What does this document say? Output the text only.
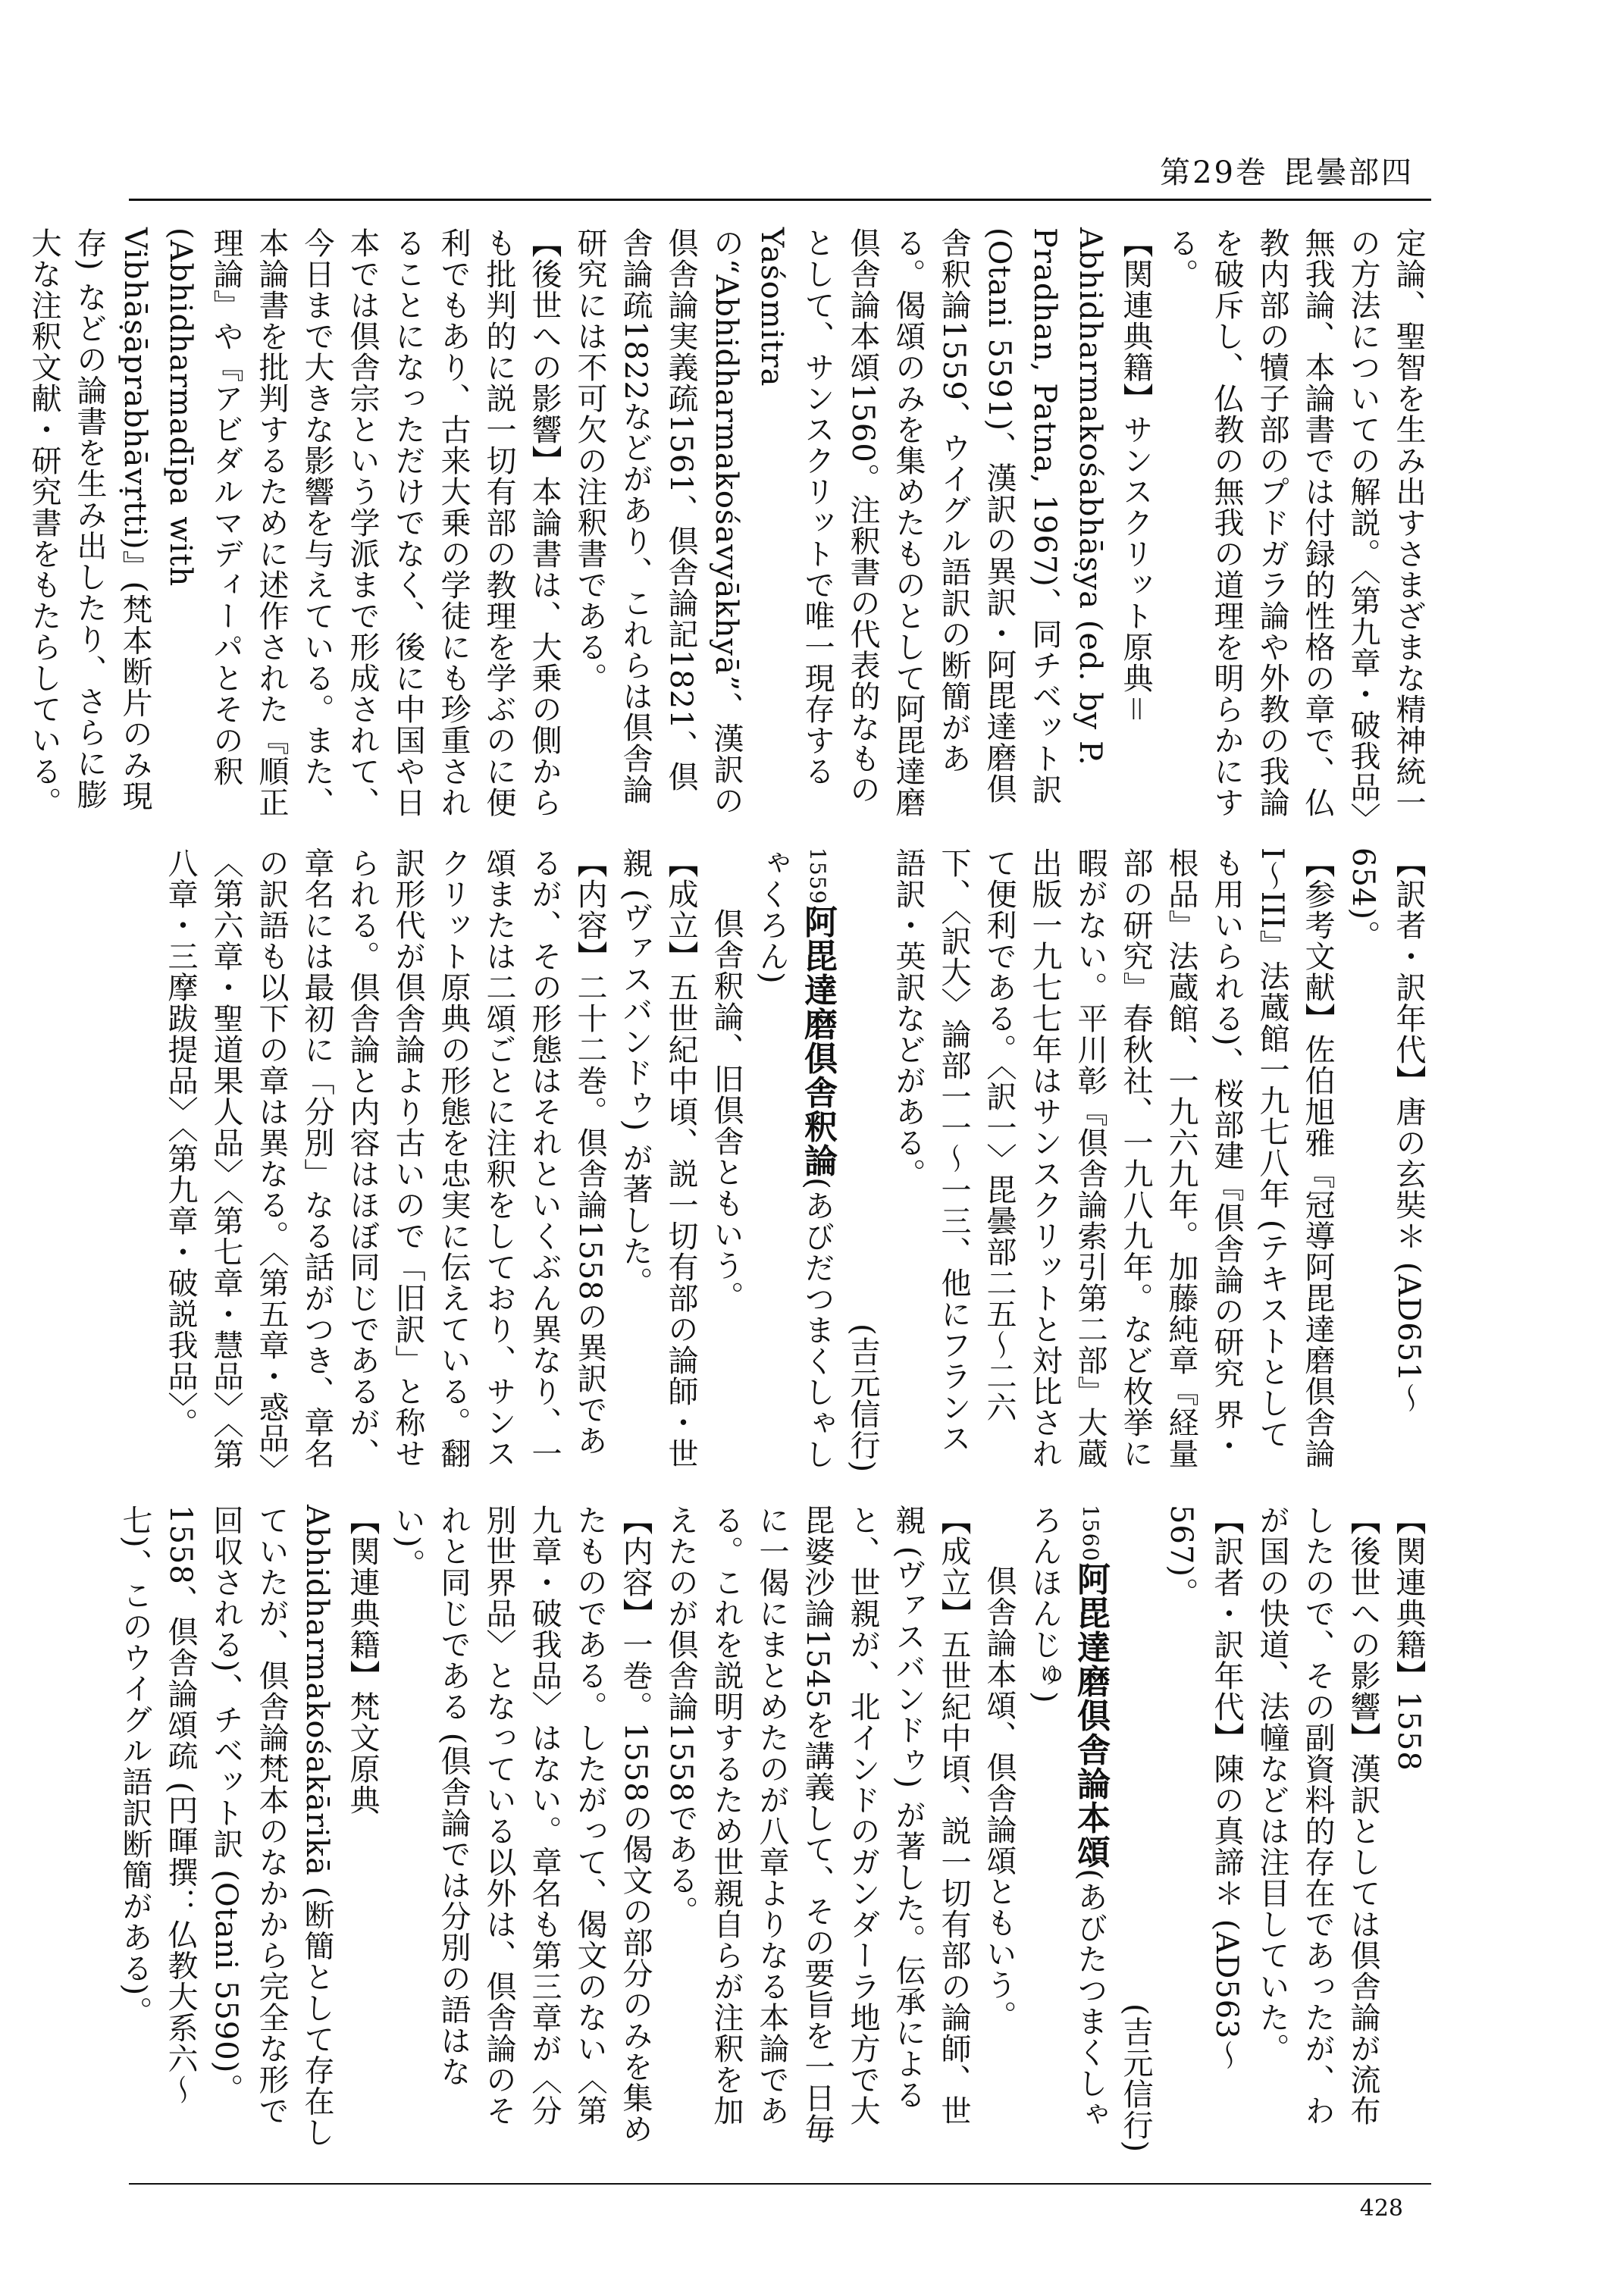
第29巻 毘曇部四

定論、聖智を生み出すさまざまな精神統一の方法についての解説。〈第九章・破我品〉無我論、本論書では付録的性格の章で、仏教内部の犢子部のプドガラ論や外教の我論を破斥し、仏教の無我の道理を明らかにする。

【関連典籍】サンスクリット原典＝Abhidharmakośabhāṣya (ed. by P. Pradhan, Patna, 1967)、同チベット訳 (Otani 5591)、漢訳の異訳・阿毘達磨倶舎釈論1559、ウイグル語訳の断簡がある。偈頌のみを集めたものとして阿毘達磨倶舎論本頌1560。注釈書の代表的なものとして、サンスクリットで唯一現存する Yaśomitra の“Abhidharmakośavyākhyā”、漢訳の倶舎論実義疏1561、倶舎論記1821、倶舎論疏1822などがあり、これらは倶舎論研究には不可欠の注釈書である。

【後世への影響】本論書は、大乗の側からも批判的に説一切有部の教理を学ぶのに便利でもあり、古来大乗の学徒にも珍重されることになっただけでなく、後に中国や日本では倶舎宗という学派まで形成されて、今日まで大きな影響を与えている。また、本論書を批判するために述作された『順正理論』や『アビダルマディーパとその釈 (Abhidharmadīpa with Vibhāṣāprabhāvṛtti)』(梵本断片のみ現存) などの論書を生み出したり、さらに膨大な注釈文献・研究書をもたらしている。

【訳者・訳年代】唐の玄奘＊ (AD651〜654)。

【参考文献】佐伯旭雅『冠導阿毘達磨倶舎論 I〜III』法蔵館一九七八年 (テキストとしても用いられる)、桜部建『倶舎論の研究 界・根品』法蔵館、一九六九年。加藤純章『経量部の研究』春秋社、一九八九年。など枚挙に暇がない。平川彰『倶舎論索引第二部』大蔵出版一九七七年はサンスクリットと対比されて便利である。〈訳一〉毘曇部二五〜二六下、〈訳大〉論部一一〜一三、他にフランス語訳・英訳などがある。

(吉元信行)

1559阿毘達磨倶舎釈論(あびだつまくしゃしゃくろん)

倶舎釈論、旧倶舎ともいう。

【成立】五世紀中頃、説一切有部の論師・世親 (ヴァスバンドゥ) が著した。

【内容】二十二巻。倶舎論1558の異訳であるが、その形態はそれといくぶん異なり、一頌または二頌ごとに注釈をしており、サンスクリット原典の形態を忠実に伝えている。翻訳形代が倶舎論より古いので「旧訳」と称せられる。倶舎論と内容はほぼ同じであるが、章名には最初に「分別」なる話がつき、章名の訳語も以下の章は異なる。〈第五章・惑品〉〈第六章・聖道果人品〉〈第七章・慧品〉〈第八章・三摩跋提品〉〈第九章・破説我品〉。

【関連典籍】1558

【後世への影響】漢訳としては倶舎論が流布したので、その副資料的存在であったが、わが国の快道、法幢などは注目していた。

【訳者・訳年代】陳の真諦＊ (AD563〜567)。

(吉元信行)

1560阿毘達磨倶舎論本頌(あびたつまくしゃろんほんじゅ)

倶舎論本頌、倶舎論頌ともいう。

【成立】五世紀中頃、説一切有部の論師、世親 (ヴァスバンドゥ) が著した。伝承によると、世親が、北インドのガンダーラ地方で大毘婆沙論1545を講義して、その要旨を一日毎に一偈にまとめたのが八章よりなる本論である。これを説明するため世親自らが注釈を加えたのが倶舎論1558である。

【内容】一巻。1558の偈文の部分のみを集めたものである。したがって、偈文のない〈第九章・破我品〉はない。章名も第三章が〈分別世界品〉となっている以外は、倶舎論のそれと同じである (倶舎論では分別の語はない)。

【関連典籍】梵文原典 Abhidharmakośakārikā (断簡として存在していたが、倶舎論梵本のなかから完全な形で回収される)、チベット訳 (Otani 5590)。1558、倶舎論頌疏 (円暉撰：仏教大系六〜七)、このウイグル語訳断簡がある)。

428
